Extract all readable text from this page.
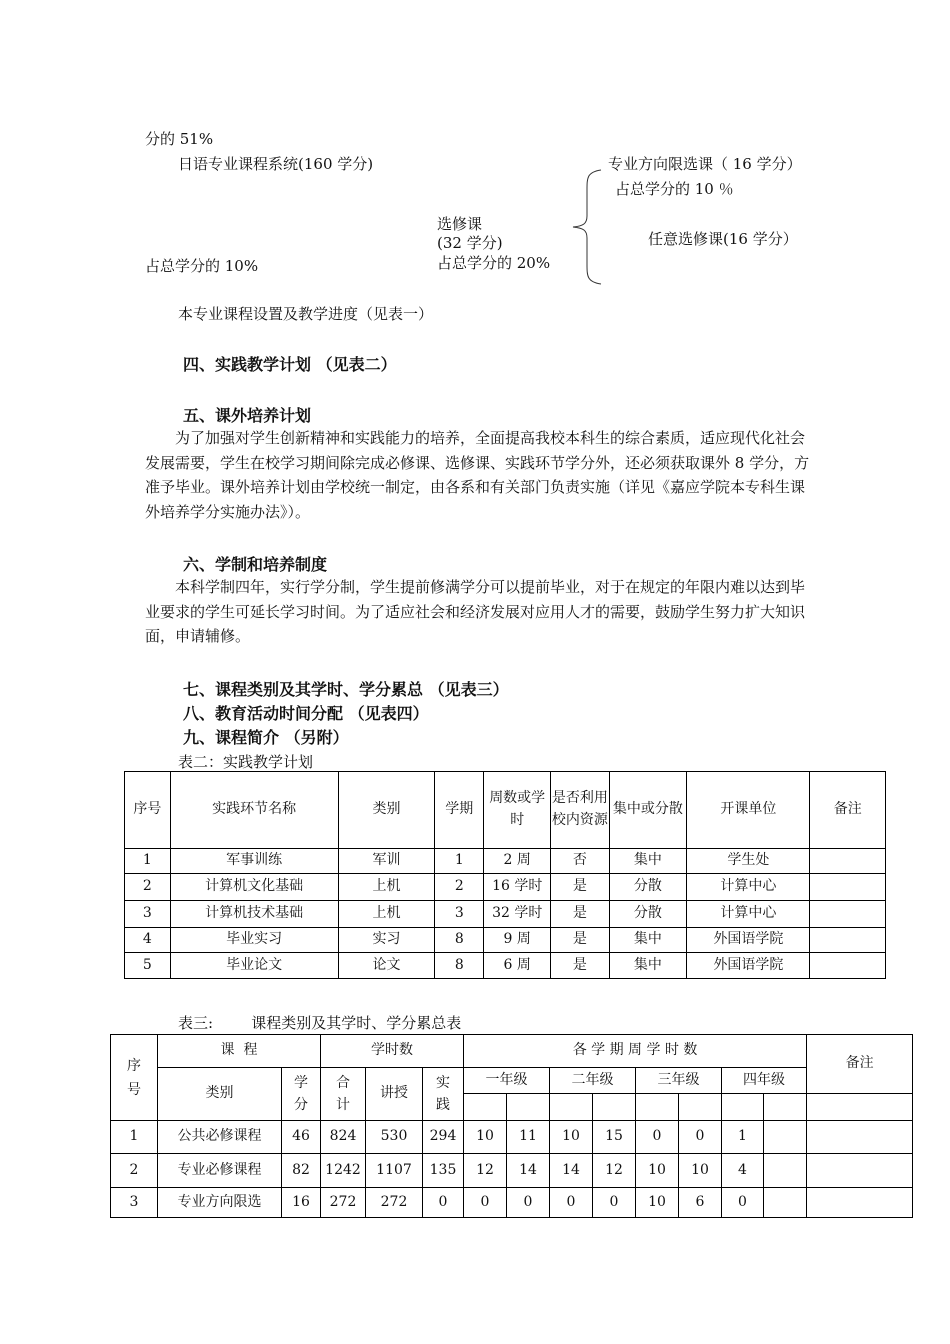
分的 51%
日语专业课程系统(160 学分)
选修课
(32 学分)
占总学分的 20%
占总学分的 10%
专业方向限选课（ 16 学分）
占总学分的 10 ％
任意选修课(16 学分）
本专业课程设置及教学进度（见表一）
四、实践教学计划 （见表二）
五、课外培养计划
为了加强对学生创新精神和实践能力的培养，全面提高我校本科生的综合素质，适应现代化社会发展需要，学生在校学习期间除完成必修课、选修课、实践环节学分外，还必须获取课外 8 学分，方准予毕业。课外培养计划由学校统一制定，由各系和有关部门负责实施（详见《嘉应学院本专科生课外培养学分实施办法》）。
六、学制和培养制度
本科学制四年，实行学分制，学生提前修满学分可以提前毕业，对于在规定的年限内难以达到毕业要求的学生可延长学习时间。为了适应社会和经济发展对应用人才的需要，鼓励学生努力扩大知识面，申请辅修。
七、课程类别及其学时、学分累总 （见表三）
八、教育活动时间分配 （见表四）
九、课程简介 （另附）
表二：实践教学计划
序号	实践环节名称	类别	学期	周数或学时	是否利用校内资源	集中或分散	开课单位	备注
1	军事训练	军训	1	2 周	否	集中	学生处	
2	计算机文化基础	上机	2	16 学时	是	分散	计算中心	
3	计算机技术基础	上机	3	32 学时	是	分散	计算中心	
4	毕业实习	实习	8	9 周	是	集中	外国语学院	
5	毕业论文	论文	8	6 周	是	集中	外国语学院	
表三:        课程类别及其学时、学分累总表
序号	课  程		学时数			各 学 期 周 学 时 数								备注
	类别	学分	合计	讲授	实践	一年级		二年级		三年级		四年级		

1	公共必修课程	46	824	530	294	10	11	10	15	0	0	1		
2	专业必修课程	82	1242	1107	135	12	14	14	12	10	10	4		
3	专业方向限选	16	272	272	0	0	0	0	0	10	6	0		
